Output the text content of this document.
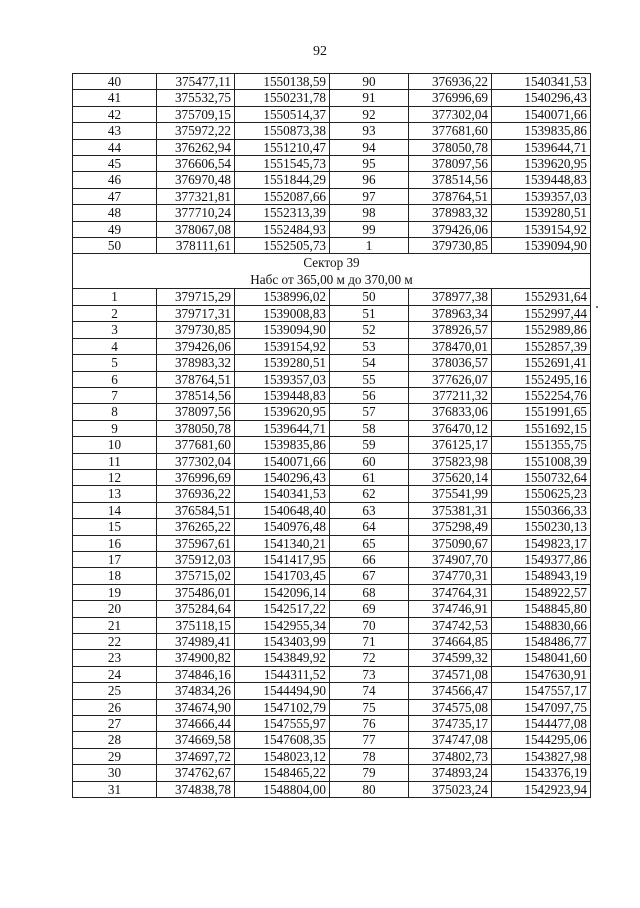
92
40	375477,11	1550138,59	90	376936,22	1540341,53
41	375532,75	1550231,78	91	376996,69	1540296,43
42	375709,15	1550514,37	92	377302,04	1540071,66
43	375972,22	1550873,38	93	377681,60	1539835,86
44	376262,94	1551210,47	94	378050,78	1539644,71
45	376606,54	1551545,73	95	378097,56	1539620,95
46	376970,48	1551844,29	96	378514,56	1539448,83
47	377321,81	1552087,66	97	378764,51	1539357,03
48	377710,24	1552313,39	98	378983,32	1539280,51
49	378067,08	1552484,93	99	379426,06	1539154,92
50	378111,61	1552505,73	1	379730,85	1539094,90
Сектор 39					
Набс от 365,00 м до 370,00 м					
1	379715,29	1538996,02	50	378977,38	1552931,64
2	379717,31	1539008,83	51	378963,34	1552997,44
3	379730,85	1539094,90	52	378926,57	1552989,86
4	379426,06	1539154,92	53	378470,01	1552857,39
5	378983,32	1539280,51	54	378036,57	1552691,41
6	378764,51	1539357,03	55	377626,07	1552495,16
7	378514,56	1539448,83	56	377211,32	1552254,76
8	378097,56	1539620,95	57	376833,06	1551991,65
9	378050,78	1539644,71	58	376470,12	1551692,15
10	377681,60	1539835,86	59	376125,17	1551355,75
11	377302,04	1540071,66	60	375823,98	1551008,39
12	376996,69	1540296,43	61	375620,14	1550732,64
13	376936,22	1540341,53	62	375541,99	1550625,23
14	376584,51	1540648,40	63	375381,31	1550366,33
15	376265,22	1540976,48	64	375298,49	1550230,13
16	375967,61	1541340,21	65	375090,67	1549823,17
17	375912,03	1541417,95	66	374907,70	1549377,86
18	375715,02	1541703,45	67	374770,31	1548943,19
19	375486,01	1542096,14	68	374764,31	1548922,57
20	375284,64	1542517,22	69	374746,91	1548845,80
21	375118,15	1542955,34	70	374742,53	1548830,66
22	374989,41	1543403,99	71	374664,85	1548486,77
23	374900,82	1543849,92	72	374599,32	1548041,60
24	374846,16	1544311,52	73	374571,08	1547630,91
25	374834,26	1544494,90	74	374566,47	1547557,17
26	374674,90	1547102,79	75	374575,08	1547097,75
27	374666,44	1547555,97	76	374735,17	1544477,08
28	374669,58	1547608,35	77	374747,08	1544295,06
29	374697,72	1548023,12	78	374802,73	1543827,98
30	374762,67	1548465,22	79	374893,24	1543376,19
31	374838,78	1548804,00	80	375023,24	1542923,94
